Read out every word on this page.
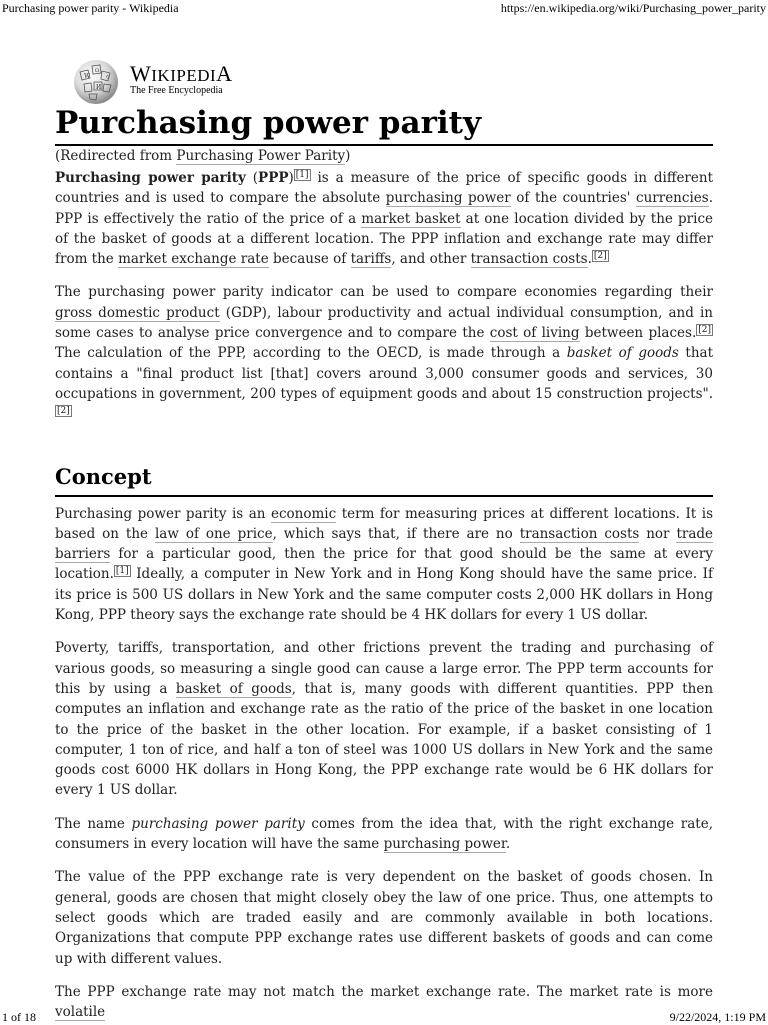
Purchasing power parity - Wikipedia	https://en.wikipedia.org/wiki/Purchasing_power_parity
W
Ω
И
ウ WIKIPEDIA
The Free Encyclopedia
Purchasing power parity
(Redirected from Purchasing Power Parity)

Purchasing power parity (PPP) [1] is a measure of the price of specific goods in different countries and is used to compare the absolute purchasing power of the countries' currencies. PPP is effectively the ratio of the price of a market basket at one location divided by the price of the basket of goods at a different location. The PPP inflation and exchange rate may differ from the market exchange rate because of tariffs, and other transaction costs. [2]

The purchasing power parity indicator can be used to compare economies regarding their gross domestic product (GDP), labour productivity and actual individual consumption, and in some cases to analyse price convergence and to compare the cost of living between places. [2] The calculation of the PPP, according to the OECD, is made through a basket of goods that contains a "final product list [that] covers around 3,000 consumer goods and services, 30 occupations in government, 200 types of equipment goods and about 15 construction projects".[2]

Concept

Purchasing power parity is an economic term for measuring prices at different locations. It is based on the law of one price, which says that, if there are no transaction costs nor trade barriers for a particular good, then the price for that good should be the same at every location. [1] Ideally, a computer in New York and in Hong Kong should have the same price. If its price is 500 US dollars in New York and the same computer costs 2,000 HK dollars in Hong Kong, PPP theory says the exchange rate should be 4 HK dollars for every 1 US dollar.

Poverty, tariffs, transportation, and other frictions prevent the trading and purchasing of various goods, so measuring a single good can cause a large error. The PPP term accounts for this by using a basket of goods, that is, many goods with different quantities. PPP then computes an inflation and exchange rate as the ratio of the price of the basket in one location to the price of the basket in the other location. For example, if a basket consisting of 1 computer, 1 ton of rice, and half a ton of steel was 1000 US dollars in New York and the same goods cost 6000 HK dollars in Hong Kong, the PPP exchange rate would be 6 HK dollars for every 1 US dollar.

The name purchasing power parity comes from the idea that, with the right exchange rate, consumers in every location will have the same purchasing power.

The value of the PPP exchange rate is very dependent on the basket of goods chosen. In general, goods are chosen that might closely obey the law of one price. Thus, one attempts to select goods which are traded easily and are commonly available in both locations. Organizations that compute PPP exchange rates use different baskets of goods and can come up with different values.

The PPP exchange rate may not match the market exchange rate. The market rate is more volatile

1 of 18	9/22/2024, 1:19 PM
